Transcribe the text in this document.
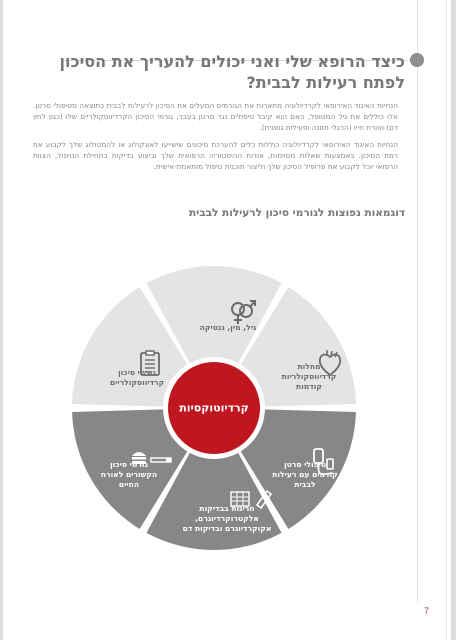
כיצד הרופא שלי ואני יכולים להעריך את הסיכון לפתח רעילות לבבית?

הנחיות האיגוד האירופאי לקרדיולוגיה מתארות את הגורמים המעלים את הסיכון לרעילות לבבית כתוצאה מטיפולי סרטן. אלו כוללים את גיל המטופל, האם הוא קיבל טיפולים נגד סרטן בעבר, גורמי הסיכון הקרדיווסקולריים שלו (כגון לחץ דם) ואורח חייו (הרגלי תזונה ופעילות גופנית).

הנחיות האיגוד האירופאי לקרדיולוגיה כוללות כלים להערכת סיכונים שישייעו לאונקולוג או להמטולוג שלך לקבוע את רמת הסיכון. באמצעות שאלות מסוימות, אודות ההיסטוריה הרפואית שלך וביצוע בדיקות בתחילת הטיפול, הצוות הרפואי יוכל לקבוע את פרופיל הסיכון שלך וליצור תוכנית טיפול מותאמת-אישית.

דוגמאות נפוצות לגורמי סיכון לרעילות לבבית
קרדיוטוקסיות
גיל, מין, גנטיקה
מחלות קרדיווסקולריות קודמות
טיפולי סרטן קודמים עם רעילות לבבית
חריגות בבדיקות אלקטרוקרדיוגרם, אקוקרדיוגרם ובדיקות דם
גורמי סיכון הקשורים לאורח החיים
גורמי סיכון קרדיווסקולריים
7
